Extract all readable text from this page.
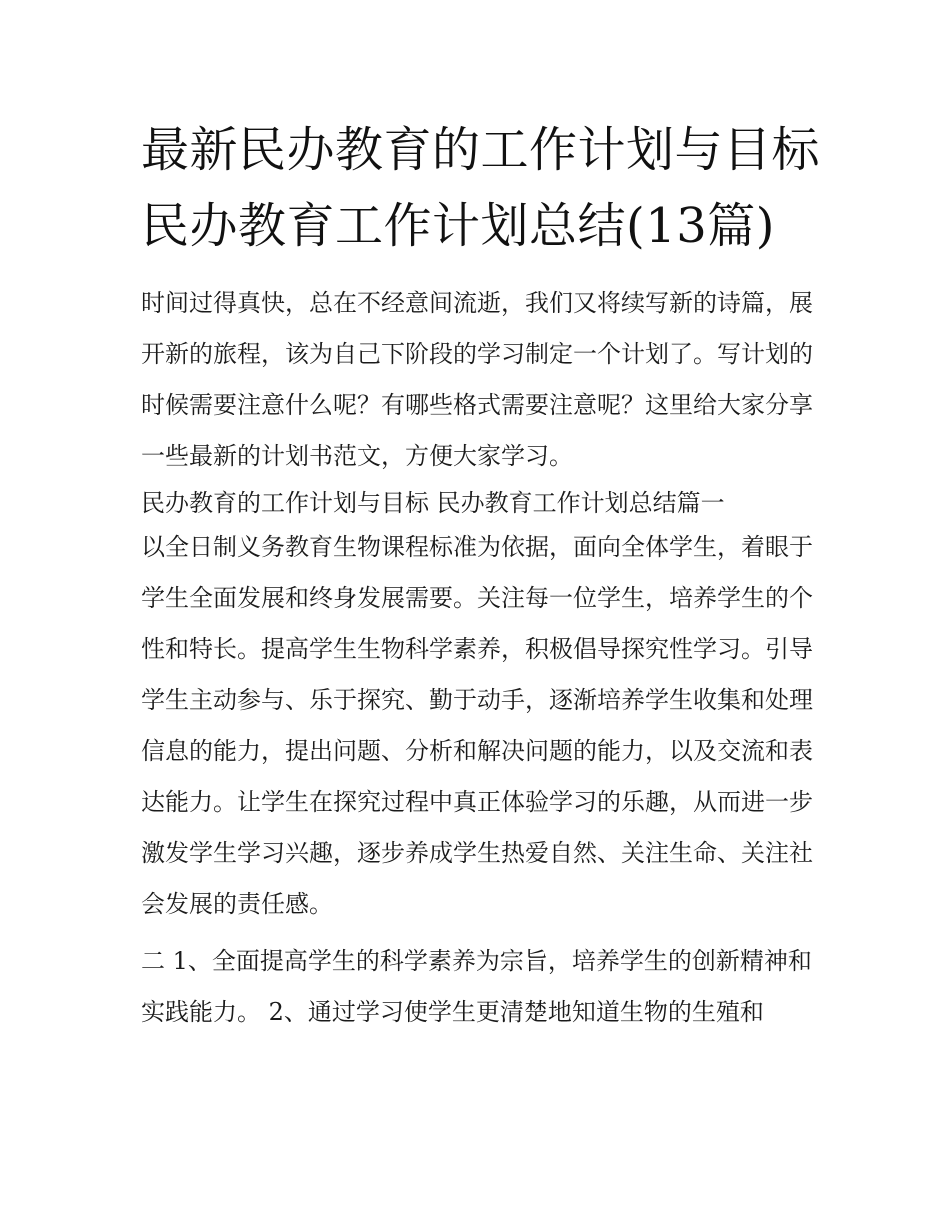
最新民办教育的工作计划与目标 民办教育工作计划总结(13篇)

时间过得真快，总在不经意间流逝，我们又将续写新的诗篇，展开新的旅程，该为自己下阶段的学习制定一个计划了。写计划的时候需要注意什么呢？有哪些格式需要注意呢？这里给大家分享一些最新的计划书范文，方便大家学习。

民办教育的工作计划与目标 民办教育工作计划总结篇一

以全日制义务教育生物课程标准为依据，面向全体学生，着眼于学生全面发展和终身发展需要。关注每一位学生，培养学生的个性和特长。提高学生生物科学素养，积极倡导探究性学习。引导学生主动参与、乐于探究、勤于动手，逐渐培养学生收集和处理信息的能力，提出问题、分析和解决问题的能力，以及交流和表达能力。让学生在探究过程中真正体验学习的乐趣，从而进一步激发学生学习兴趣，逐步养成学生热爱自然、关注生命、关注社会发展的责任感。

二 1、全面提高学生的科学素养为宗旨，培养学生的创新精神和实践能力。 2、通过学习使学生更清楚地知道生物的生殖和
